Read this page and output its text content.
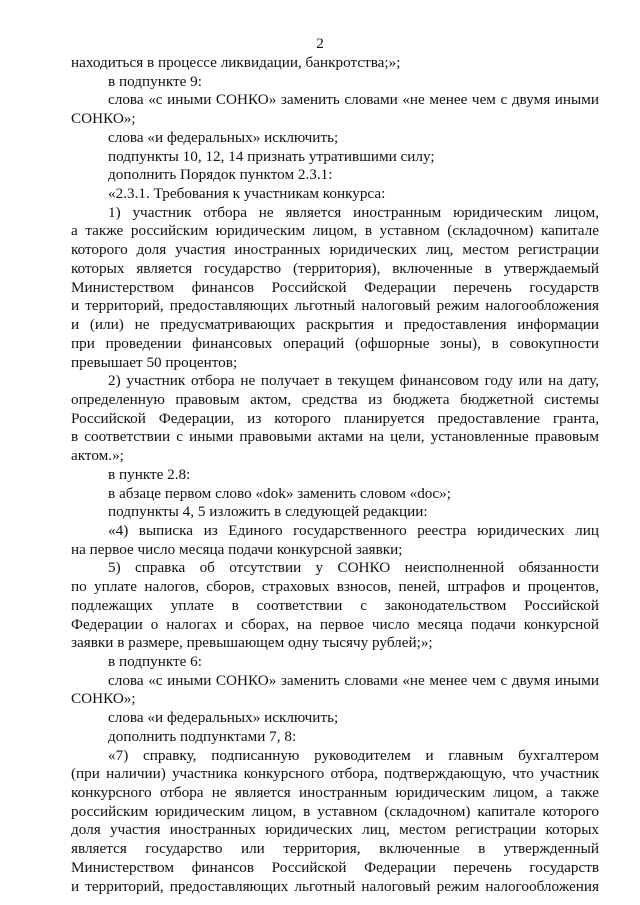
2
находиться в процессе ликвидации, банкротства;»;
в подпункте 9:
слова «с иными СОНКО» заменить словами «не менее чем с двумя иными
СОНКО»;
слова «и федеральных» исключить;
подпункты 10, 12, 14 признать утратившими силу;
дополнить Порядок пунктом 2.3.1:
«2.3.1. Требования к участникам конкурса:
1) участник отбора не является иностранным юридическим лицом,
а также российским юридическим лицом, в уставном (складочном) капитале
которого доля участия иностранных юридических лиц, местом регистрации
которых является государство (территория), включенные в утверждаемый
Министерством финансов Российской Федерации перечень государств
и территорий, предоставляющих льготный налоговый режим налогообложения
и (или) не предусматривающих раскрытия и предоставления информации
при проведении финансовых операций (офшорные зоны), в совокупности
превышает 50 процентов;
2) участник отбора не получает в текущем финансовом году или на дату,
определенную правовым актом, средства из бюджета бюджетной системы
Российской Федерации, из которого планируется предоставление гранта,
в соответствии с иными правовыми актами на цели, установленные правовым
актом.»;
в пункте 2.8:
в абзаце первом слово «dok» заменить словом «doc»;
подпункты 4, 5 изложить в следующей редакции:
«4) выписка из Единого государственного реестра юридических лиц
на первое число месяца подачи конкурсной заявки;
5) справка об отсутствии у СОНКО неисполненной обязанности
по уплате налогов, сборов, страховых взносов, пеней, штрафов и процентов,
подлежащих уплате в соответствии с законодательством Российской
Федерации о налогах и сборах, на первое число месяца подачи конкурсной
заявки в размере, превышающем одну тысячу рублей;»;
в подпункте 6:
слова «с иными СОНКО» заменить словами «не менее чем с двумя иными
СОНКО»;
слова «и федеральных» исключить;
дополнить подпунктами 7, 8:
«7) справку, подписанную руководителем и главным бухгалтером
(при наличии) участника конкурсного отбора, подтверждающую, что участник
конкурсного отбора не является иностранным юридическим лицом, а также
российским юридическим лицом, в уставном (складочном) капитале которого
доля участия иностранных юридических лиц, местом регистрации которых
является государство или территория, включенные в утвержденный
Министерством финансов Российской Федерации перечень государств
и территорий, предоставляющих льготный налоговый режим налогообложения
